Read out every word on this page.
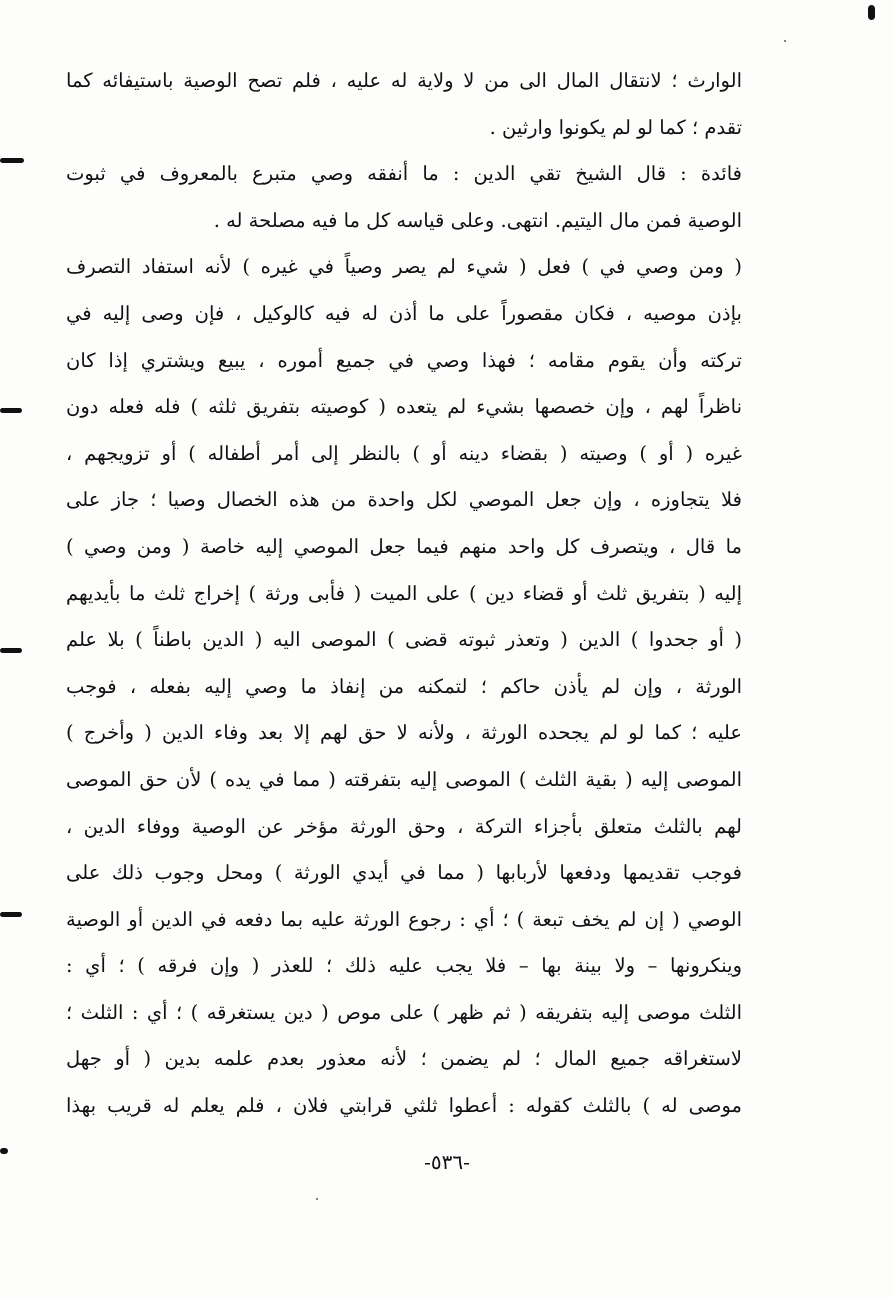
الوارث ؛ لانتقال المال الى من لا ولاية له عليه ، فلم تصح الوصية باستيفائه كما
تقدم ؛ كما لو لم يكونوا وارثين .
فائدة : قال الشيخ تقي الدين : ما أنفقه وصي متبرع بالمعروف في ثبوت
الوصية فمن مال اليتيم. انتهى. وعلى قياسه كل ما فيه مصلحة له .
( ومن وصي في ) فعل ( شيء لم يصر وصياً في غيره ) لأنه استفاد التصرف
بإذن موصيه ، فكان مقصوراً على ما أذن له فيه كالوكيل ، فإن وصى إليه في
تركته وأن يقوم مقامه ؛ فهذا وصي في جميع أموره ، يبيع ويشتري إذا كان
ناظراً لهم ، وإن خصصها بشيء لم يتعده ( كوصيته بتفريق ثلثه ) فله فعله دون
غيره ( أو ) وصيته ( بقضاء دينه أو ) بالنظر إلى أمر أطفاله ) أو تزويجهم ،
فلا يتجاوزه ، وإن جعل الموصي لكل واحدة من هذه الخصال وصيا ؛ جاز على
ما قال ، ويتصرف كل واحد منهم فيما جعل الموصي إليه خاصة ( ومن وصي )
إليه ( بتفريق ثلث أو قضاء دين ) على الميت ( فأبى ورثة ) إخراج ثلث ما بأيديهم
( أو جحدوا ) الدين ( وتعذر ثبوته قضى ) الموصى اليه ( الدين باطناً ) بلا علم
الورثة ، وإن لم يأذن حاكم ؛ لتمكنه من إنفاذ ما وصي إليه بفعله ، فوجب
عليه ؛ كما لو لم يجحده الورثة ، ولأنه لا حق لهم إلا بعد وفاء الدين ( وأخرج )
الموصى إليه ( بقية الثلث ) الموصى إليه بتفرقته ( مما في يده ) لأن حق الموصى
لهم بالثلث متعلق بأجزاء التركة ، وحق الورثة مؤخر عن الوصية ووفاء الدين ،
فوجب تقديمها ودفعها لأربابها ( مما في أيدي الورثة ) ومحل وجوب ذلك على
الوصي ( إن لم يخف تبعة ) ؛ أي : رجوع الورثة عليه بما دفعه في الدين أو الوصية
وينكرونها – ولا بينة بها – فلا يجب عليه ذلك ؛ للعذر ( وإن فرقه ) ؛ أي :
الثلث موصى إليه بتفريقه ( ثم ظهر ) على موص ( دين يستغرقه ) ؛ أي : الثلث ؛
لاستغراقه جميع المال ؛ لم يضمن ؛ لأنه معذور بعدم علمه بدين ( أو جهل
موصى له ) بالثلث كقوله : أعطوا ثلثي قرابتي فلان ، فلم يعلم له قريب بهذا
-٥٣٦-
